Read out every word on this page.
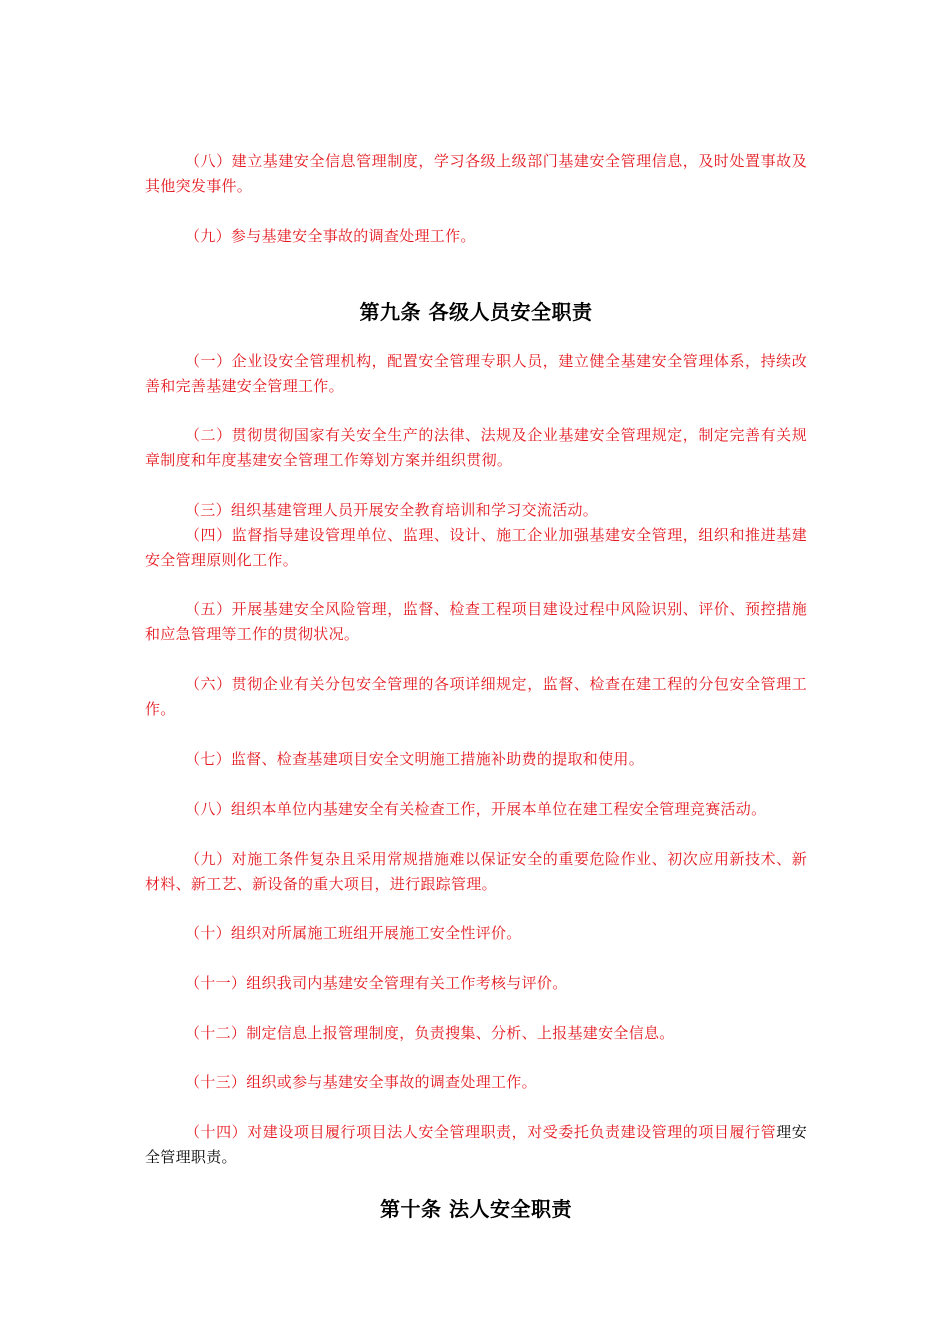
（八）建立基建安全信息管理制度，学习各级上级部门基建安全管理信息，及时处置事故及其他突发事件。

（九）参与基建安全事故的调查处理工作。

第九条 各级人员安全职责

（一）企业设安全管理机构，配置安全管理专职人员，建立健全基建安全管理体系，持续改善和完善基建安全管理工作。

（二）贯彻贯彻国家有关安全生产的法律、法规及企业基建安全管理规定，制定完善有关规章制度和年度基建安全管理工作筹划方案并组织贯彻。

（三）组织基建管理人员开展安全教育培训和学习交流活动。

（四）监督指导建设管理单位、监理、设计、施工企业加强基建安全管理，组织和推进基建安全管理原则化工作。

（五）开展基建安全风险管理，监督、检查工程项目建设过程中风险识别、评价、预控措施和应急管理等工作的贯彻状况。

（六）贯彻企业有关分包安全管理的各项详细规定，监督、检查在建工程的分包安全管理工作。

（七）监督、检查基建项目安全文明施工措施补助费的提取和使用。

（八）组织本单位内基建安全有关检查工作，开展本单位在建工程安全管理竞赛活动。

（九）对施工条件复杂且采用常规措施难以保证安全的重要危险作业、初次应用新技术、新材料、新工艺、新设备的重大项目，进行跟踪管理。

（十）组织对所属施工班组开展施工安全性评价。

（十一）组织我司内基建安全管理有关工作考核与评价。

（十二）制定信息上报管理制度，负责搜集、分析、上报基建安全信息。

（十三）组织或参与基建安全事故的调查处理工作。

（十四）对建设项目履行项目法人安全管理职责，对受委托负责建设管理的项目履行管理安全管理职责。

第十条 法人安全职责
